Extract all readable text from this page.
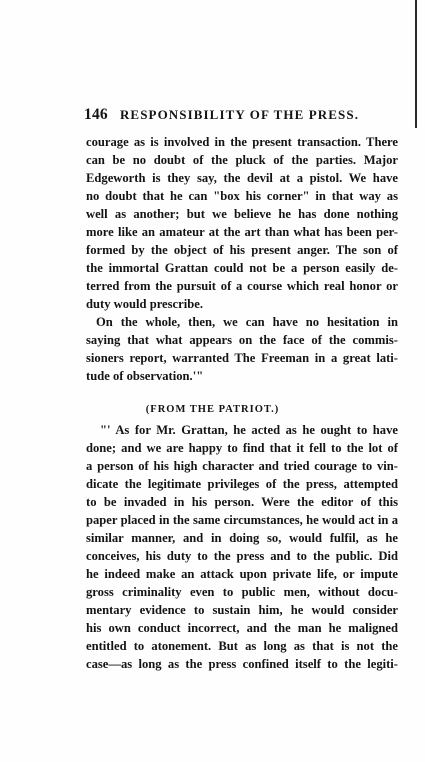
146 RESPONSIBILITY OF THE PRESS.
courage as is involved in the present transaction. There
can be no doubt of the pluck of the parties. Major
Edgeworth is they say, the devil at a pistol. We have
no doubt that he can "box his corner" in that way as
well as another; but we believe he has done nothing
more like an amateur at the art than what has been per-
formed by the object of his present anger. The son of
the immortal Grattan could not be a person easily de-
terred from the pursuit of a course which real honor or
duty would prescribe.
On the whole, then, we can have no hesitation in
saying that what appears on the face of the commis-
sioners report, warranted The Freeman in a great lati-
tude of observation.'"
(FROM THE PATRIOT.)
"' As for Mr. Grattan, he acted as he ought to have
done; and we are happy to find that it fell to the lot of
a person of his high character and tried courage to vin-
dicate the legitimate privileges of the press, attempted
to be invaded in his person. Were the editor of this
paper placed in the same circumstances, he would act in a
similar manner, and in doing so, would fulfil, as he
conceives, his duty to the press and to the public. Did
he indeed make an attack upon private life, or impute
gross criminality even to public men, without docu-
mentary evidence to sustain him, he would consider
his own conduct incorrect, and the man he maligned
entitled to atonement. But as long as that is not the
case—as long as the press confined itself to the legiti-
